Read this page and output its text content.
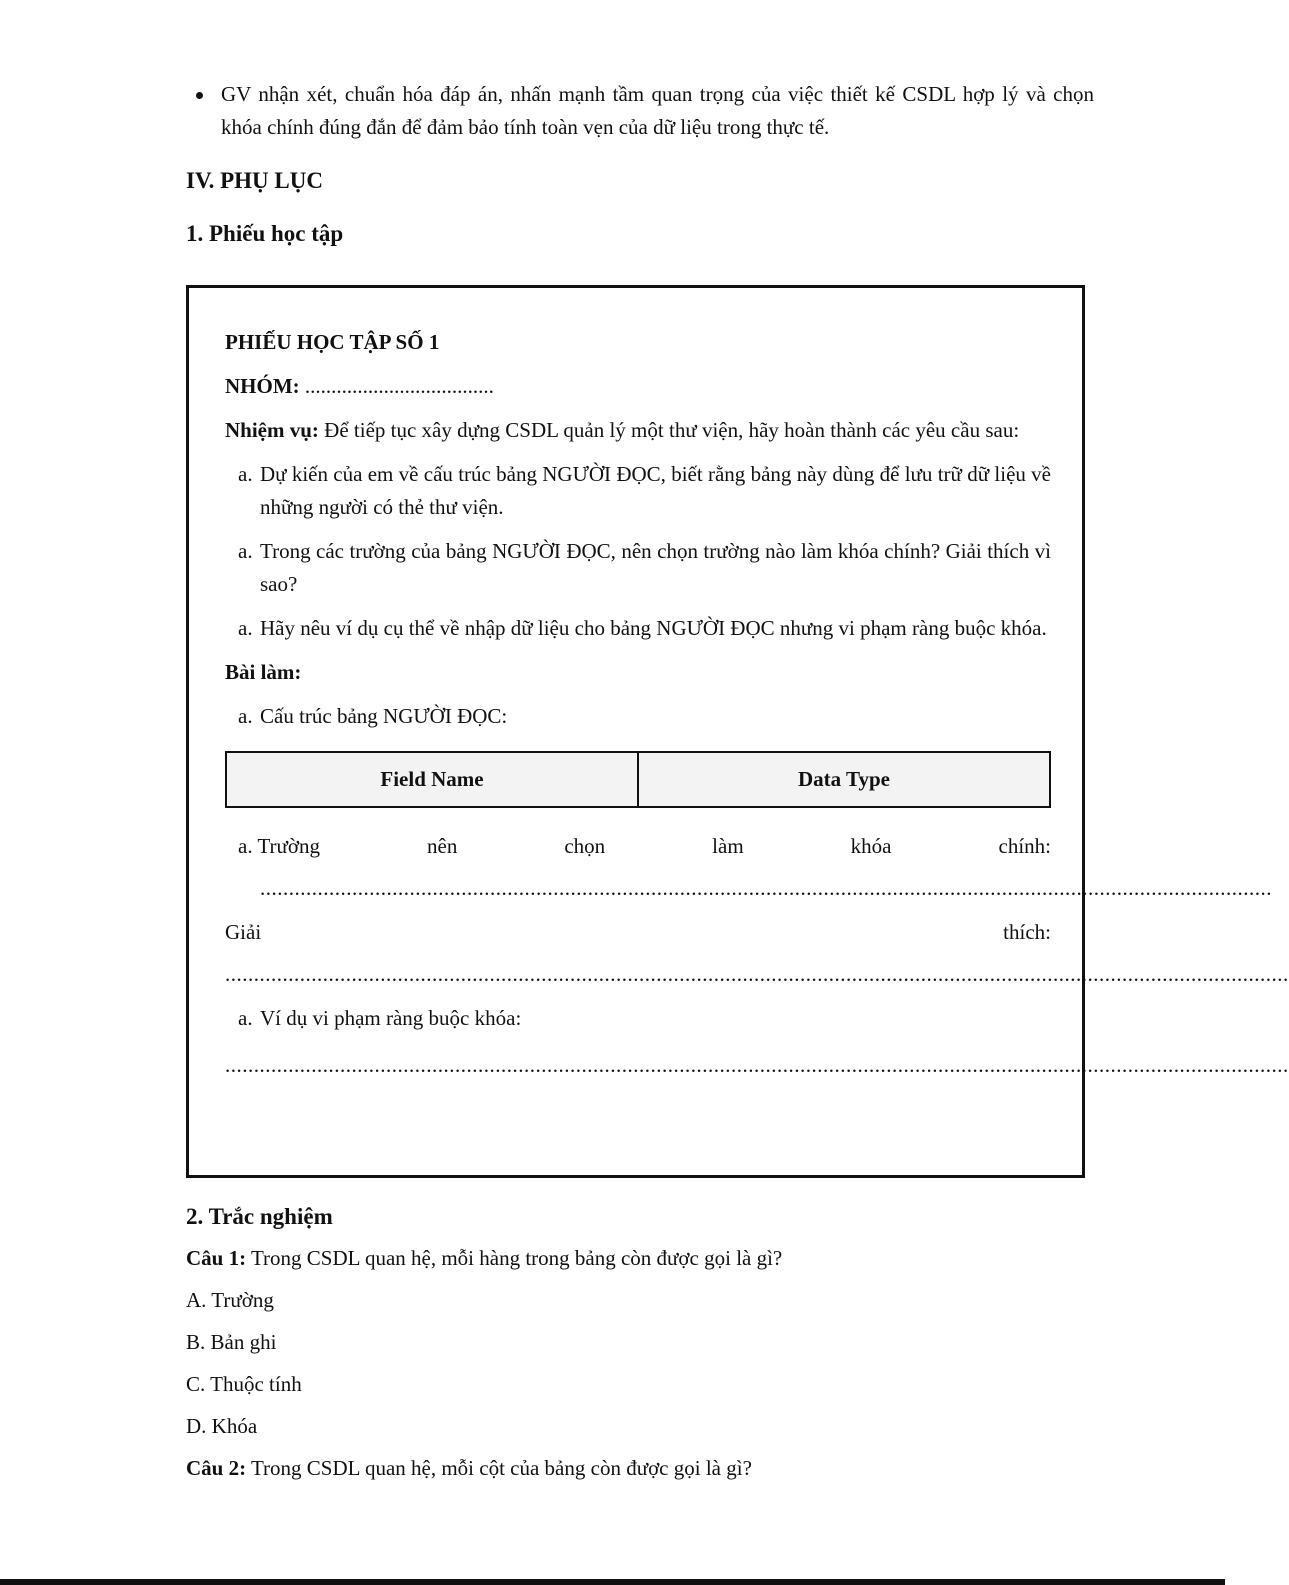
GV nhận xét, chuẩn hóa đáp án, nhấn mạnh tầm quan trọng của việc thiết kế CSDL hợp lý và chọn khóa chính đúng đắn để đảm bảo tính toàn vẹn của dữ liệu trong thực tế.
IV. PHỤ LỤC
1. Phiếu học tập

PHIẾU HỌC TẬP SỐ 1

NHÓM: ....................................
Nhiệm vụ: Để tiếp tục xây dựng CSDL quản lý một thư viện, hãy hoàn thành các yêu cầu sau:
a. Dự kiến của em về cấu trúc bảng NGƯỜI ĐỌC, biết rằng bảng này dùng để lưu trữ dữ liệu về những người có thẻ thư viện.
a. Trong các trường của bảng NGƯỜI ĐỌC, nên chọn trường nào làm khóa chính? Giải thích vì sao?
a. Hãy nêu ví dụ cụ thể về nhập dữ liệu cho bảng NGƯỜI ĐỌC nhưng vi phạm ràng buộc khóa.
Bài làm:
a. Cấu trúc bảng NGƯỜI ĐỌC:
Field Name	Data Type
a. Trường	nên	chọn	làm	khóa	chính:
................................................................................................................................................................................
Giải	thích:
.........................................................................................................................................................................................
a. Ví dụ vi phạm ràng buộc khóa:
.........................................................................................................................................................................................
2. Trắc nghiệm

Câu 1: Trong CSDL quan hệ, mỗi hàng trong bảng còn được gọi là gì?

A. Trường

B. Bản ghi

C. Thuộc tính

D. Khóa

Câu 2: Trong CSDL quan hệ, mỗi cột của bảng còn được gọi là gì?
